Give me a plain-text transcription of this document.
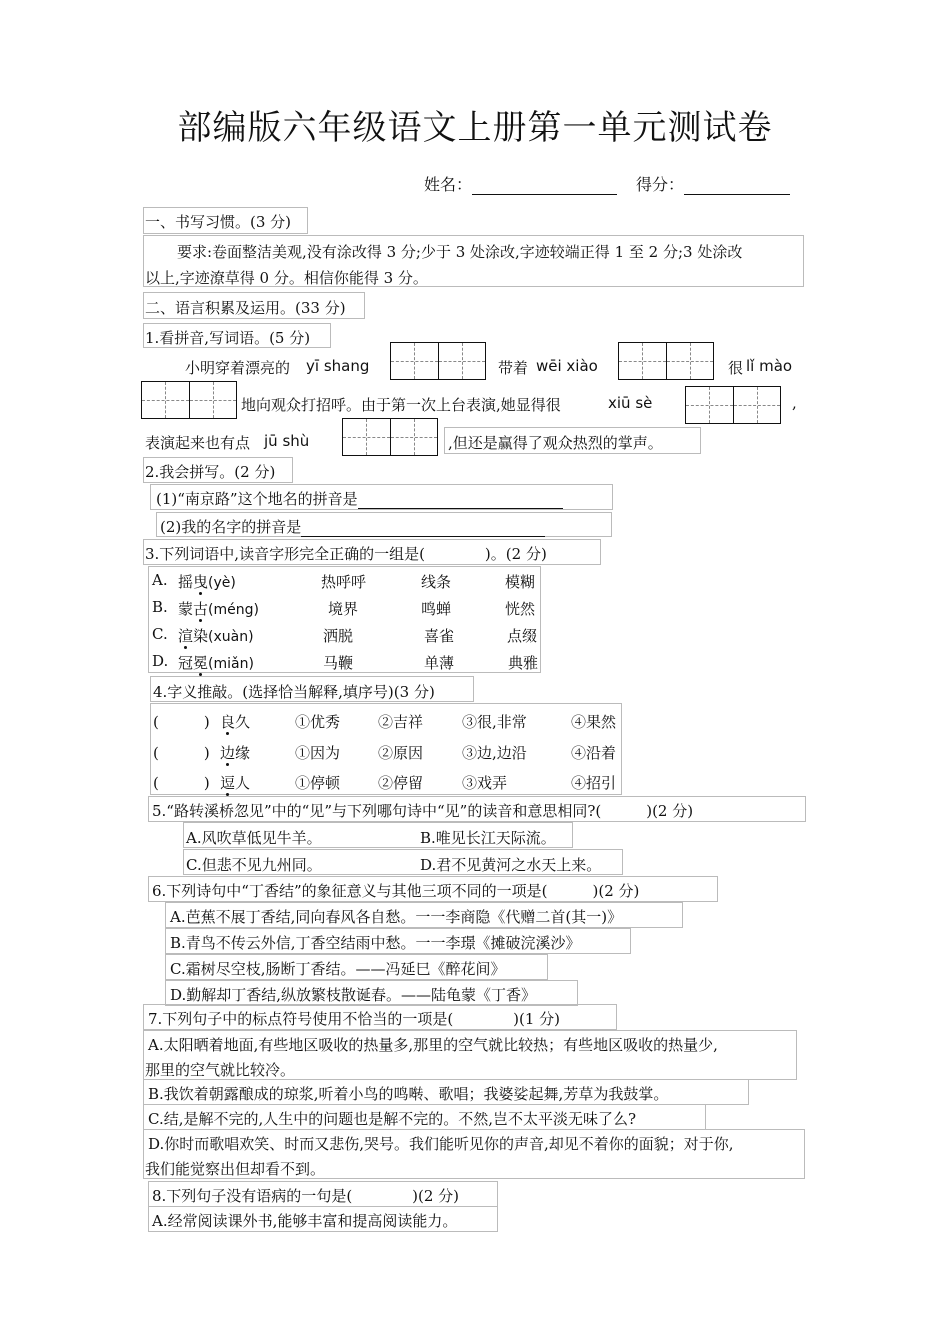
部编版六年级语文上册第一单元测试卷
姓名：	得分：
一、书写习惯。(3 分)
要求:卷面整洁美观,没有涂改得 3 分;少于 3 处涂改,字迹较端正得 1 至 2 分;3 处涂改
以上,字迹潦草得 0 分。相信你能得 3 分。
二、语言积累及运用。(33 分)
1.看拼音,写词语。(5 分)
小明穿着漂亮的 yī shang	带着 wēi xiào	很 lǐ mào
地向观众打招呼。由于第一次上台表演,她显得很	xiū sè	,
表演起来也有点 jū shù	,但还是赢得了观众热烈的掌声。
2.我会拼写。(2 分)
(1)“南京路”这个地名的拼音是
(2)我的名字的拼音是
3.下列词语中,读音字形完全正确的一组是(　　　　)。(2 分)
A. 摇曳(yè)	热呼呼	线条	模糊
B. 蒙古(méng)	境界	鸣蝉	恍然
C. 渲染(xuàn)	洒脱	喜雀	点缀
D. 冠冕(miǎn)	马鞭	单薄	典雅
4.字义推敲。(选择恰当解释,填序号)(3 分)
(　　　) 良久	①优秀	②吉祥	③很,非常	④果然
(　　　) 边缘	①因为	②原因	③边,边沿	④沿着
(　　　) 逗人	①停顿	②停留	③戏弄	④招引
5.“路转溪桥忽见”中的“见”与下列哪句诗中“见”的读音和意思相同?(　　　)(2 分)
A.风吹草低见牛羊。	B.唯见长江天际流。
C.但悲不见九州同。	D.君不见黄河之水天上来。
6.下列诗句中“丁香结”的象征意义与其他三项不同的一项是(　　　)(2 分)
A.芭蕉不展丁香结,同向春风各自愁。一一李商隐《代赠二首(其一)》
B.青鸟不传云外信,丁香空结雨中愁。一一李璟《摊破浣溪沙》
C.霜树尽空枝,肠断丁香结。——冯延巳《醉花间》
D.勤解却丁香结,纵放繁枝散诞春。——陆龟蒙《丁香》
7.下列句子中的标点符号使用不恰当的一项是(　　　　)(1 分)
A.太阳晒着地面,有些地区吸收的热量多,那里的空气就比较热；有些地区吸收的热量少,
那里的空气就比较冷。
B.我饮着朝露酿成的琼浆,听着小鸟的鸣啭、歌唱；我婆娑起舞,芳草为我鼓掌。
C.结,是解不完的,人生中的问题也是解不完的。不然,岂不太平淡无味了么?
D.你时而歌唱欢笑、时而又悲伤,哭号。我们能听见你的声音,却见不着你的面貌；对于你,
我们能觉察出但却看不到。
8.下列句子没有语病的一句是(　　　　)(2 分)
A.经常阅读课外书,能够丰富和提高阅读能力。
